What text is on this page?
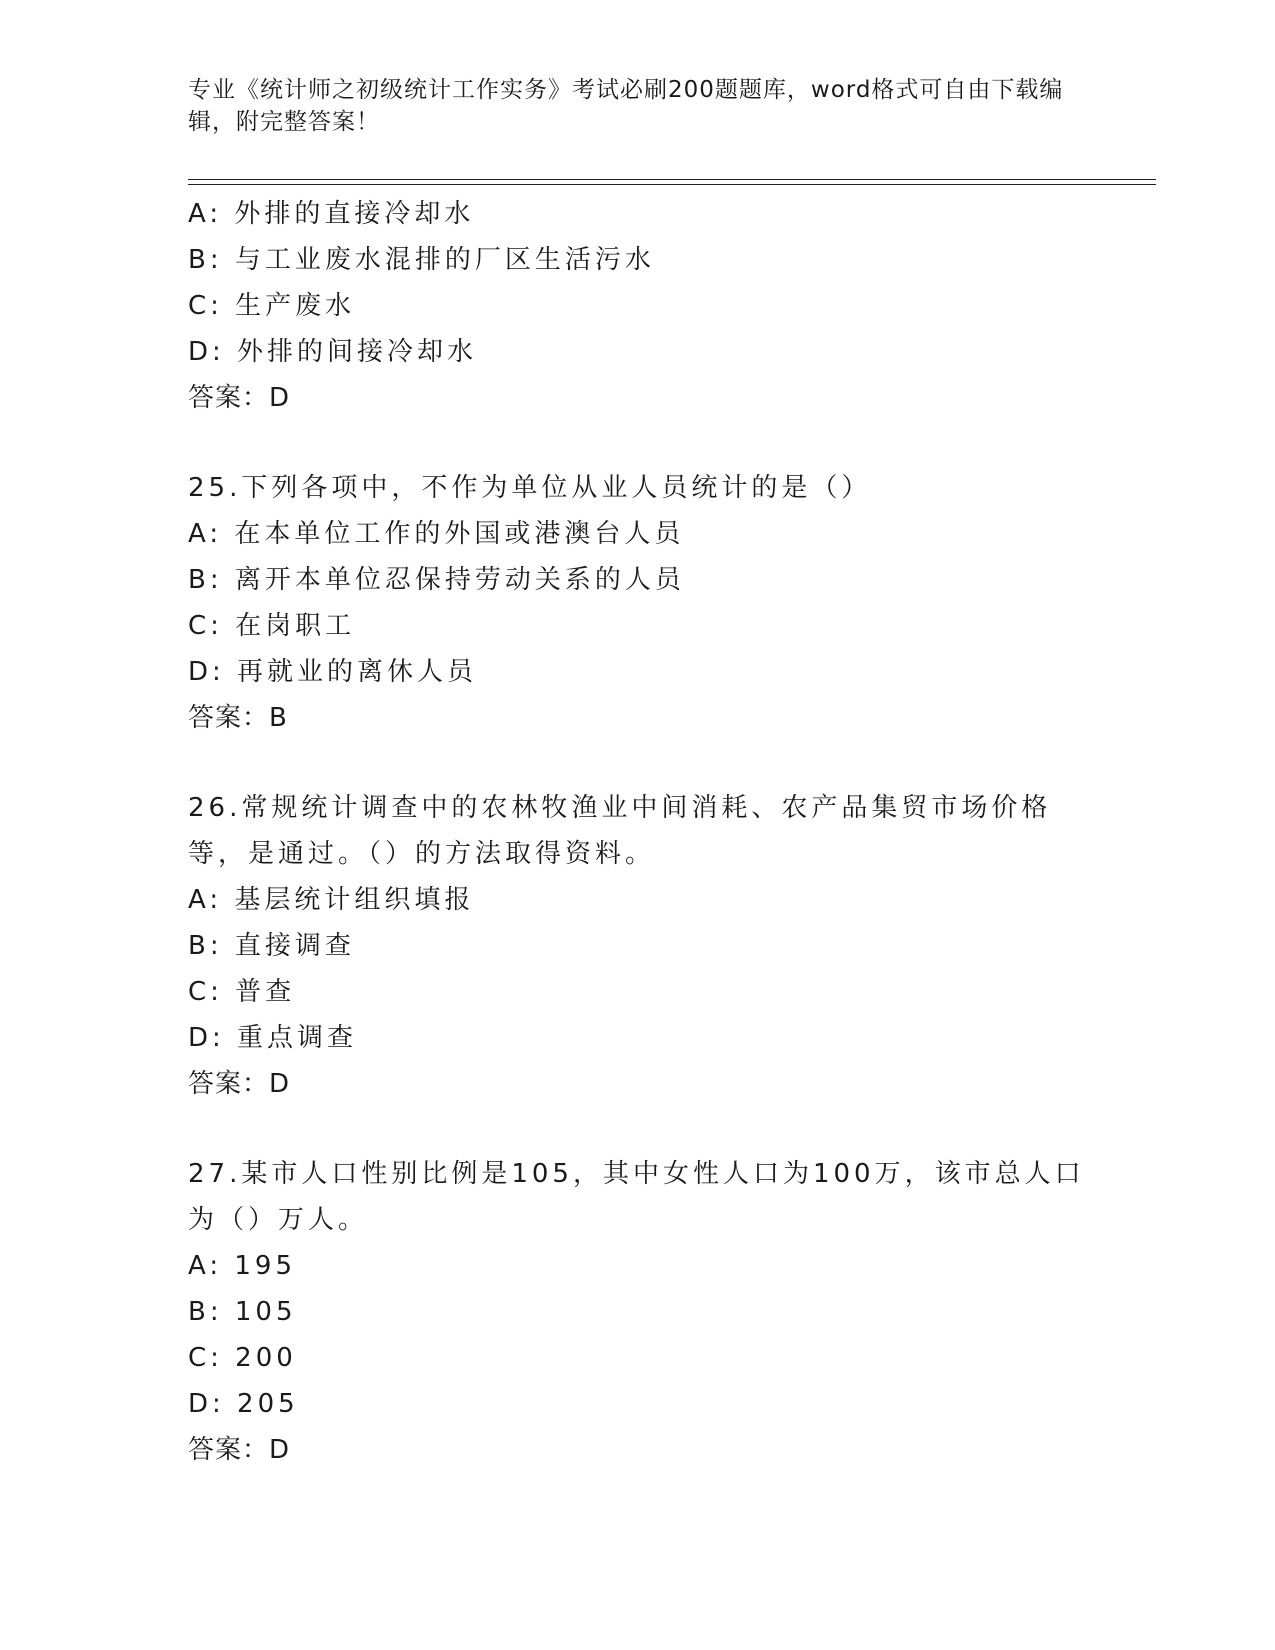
专业《统计师之初级统计工作实务》考试必刷200题题库，word格式可自由下载编辑，附完整答案！
A: 外排的直接冷却水
B: 与工业废水混排的厂区生活污水
C: 生产废水
D: 外排的间接冷却水
答案：D
25.下列各项中，不作为单位从业人员统计的是（）
A: 在本单位工作的外国或港澳台人员
B: 离开本单位忍保持劳动关系的人员
C: 在岗职工
D: 再就业的离休人员
答案：B
26.常规统计调查中的农林牧渔业中间消耗、农产品集贸市场价格等，是通过。（）的方法取得资料。
A: 基层统计组织填报
B: 直接调查
C: 普查
D: 重点调查
答案：D
27.某市人口性别比例是105，其中女性人口为100万，该市总人口为（）万人。
A: 195
B: 105
C: 200
D: 205
答案：D
